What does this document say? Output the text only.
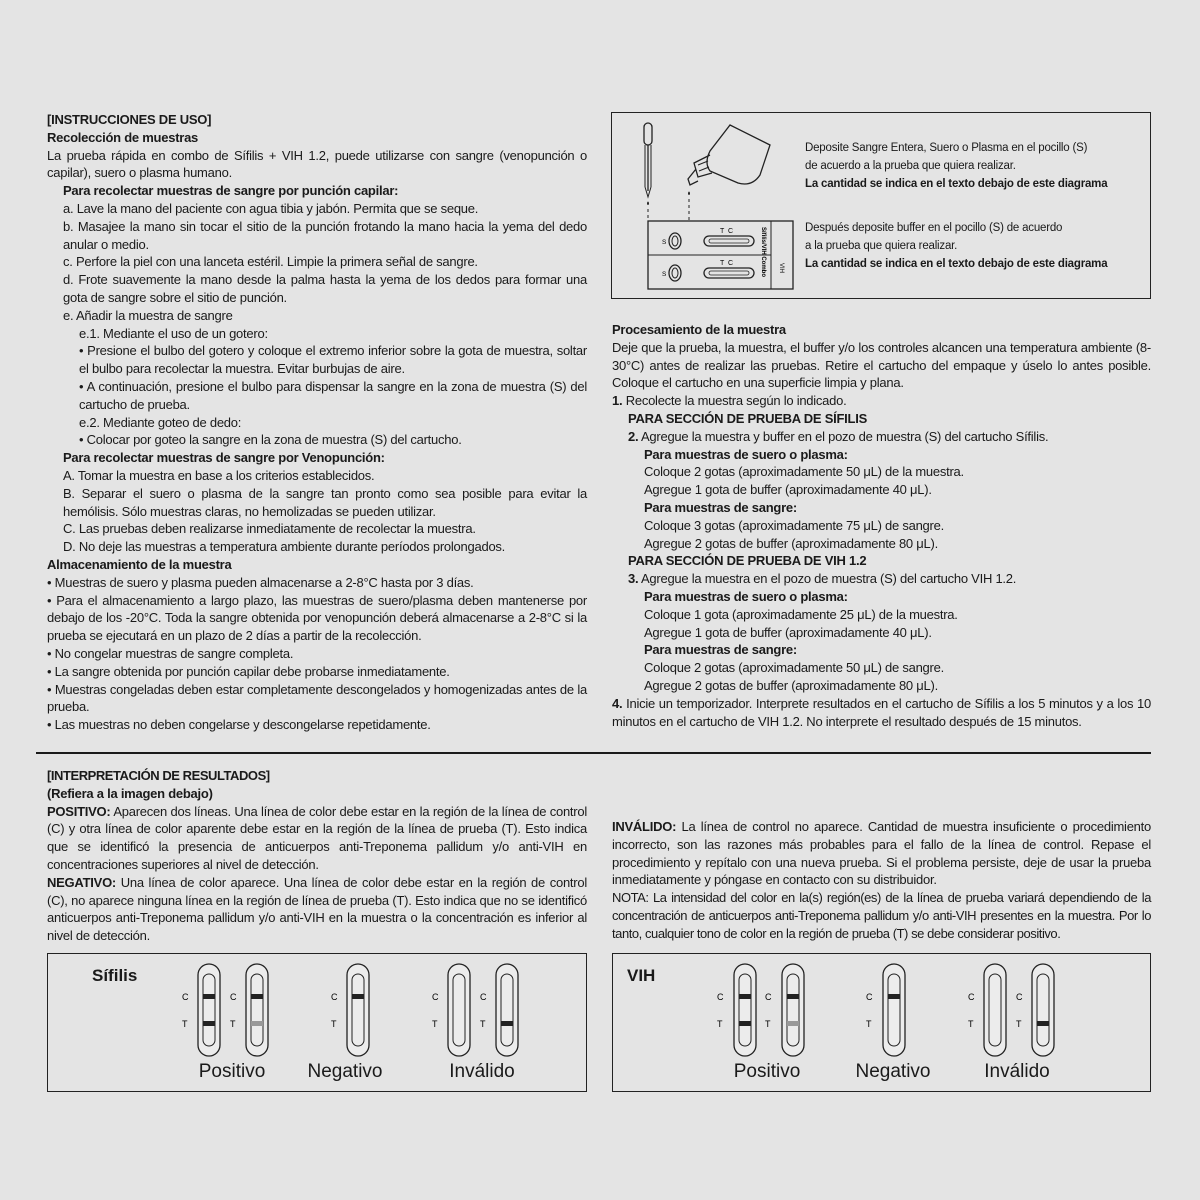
[INSTRUCCIONES DE USO]

Recolección de muestras

La prueba rápida en combo de Sífilis + VIH 1.2, puede utilizarse con sangre (venopunción o capilar), suero o plasma humano.

Para recolectar muestras de sangre por punción capilar:

a. Lave la mano del paciente con agua tibia y jabón. Permita que se seque.

b. Masajee la mano sin tocar el sitio de la punción frotando la mano hacia la yema del dedo anular o medio.

c. Perfore la piel con una lanceta estéril. Limpie la primera señal de sangre.

d. Frote suavemente la mano desde la palma hasta la yema de los dedos para formar una gota de sangre sobre el sitio de punción.

e. Añadir la muestra de sangre

e.1. Mediante el uso de un gotero:

• Presione el bulbo del gotero y coloque el extremo inferior sobre la gota de muestra, soltar el bulbo para recolectar la muestra. Evitar burbujas de aire.

• A continuación, presione el bulbo para dispensar la sangre en la zona de muestra (S) del cartucho de prueba.

e.2. Mediante goteo de dedo:

• Colocar por goteo la sangre en la zona de muestra (S) del cartucho.

Para recolectar muestras de sangre por Venopunción:

A. Tomar la muestra en base a los criterios establecidos.

B. Separar el suero o plasma de la sangre tan pronto como sea posible para evitar la hemólisis. Sólo muestras claras, no hemolizadas se pueden utilizar.

C. Las pruebas deben realizarse inmediatamente de recolectar la muestra.

D. No deje las muestras a temperatura ambiente durante períodos prolongados.

Almacenamiento de la muestra

• Muestras de suero y plasma pueden almacenarse a 2-8°C hasta por 3 días.

• Para el almacenamiento a largo plazo, las muestras de suero/plasma deben mantenerse por debajo de los -20°C. Toda la sangre obtenida por venopunción deberá almacenarse a 2-8°C si la prueba se ejecutará en un plazo de 2 días a partir de la recolección.

• No congelar muestras de sangre completa.

• La sangre obtenida por punción capilar debe probarse inmediatamente.

• Muestras congeladas deben estar completamente descongelados y homogenizadas antes de la prueba.

• Las muestras no deben congelarse y descongelarse repetidamente.

C
T
C
T
S
S	Sífilis/VIH Combo VIH
Deposite Sangre Entera, Suero o Plasma en el pocillo (S)
de acuerdo a la prueba que quiera realizar.
La cantidad se indica en el texto debajo de este diagrama
Después deposite buffer en el pocillo (S) de acuerdo
a la prueba que quiera realizar.
La cantidad se indica en el texto debajo de este diagrama

Procesamiento de la muestra

Deje que la prueba, la muestra, el buffer y/o los controles alcancen una temperatura ambiente (8-30°C) antes de realizar las pruebas. Retire el cartucho del empaque y úselo lo antes posible. Coloque el cartucho en una superficie limpia y plana.

1. Recolecte la muestra según lo indicado.

PARA SECCIÓN DE PRUEBA DE SÍFILIS

2. Agregue la muestra y buffer en el pozo de muestra (S) del cartucho Sífilis.

Para muestras de suero o plasma:

Coloque 2 gotas (aproximadamente 50 μL) de la muestra.

Agregue 1 gota de buffer (aproximadamente 40 μL).

Para muestras de sangre:

Coloque 3 gotas (aproximadamente 75 μL) de sangre.

Agregue 2 gotas de buffer (aproximadamente 80 μL).

PARA SECCIÓN DE PRUEBA DE VIH 1.2

3. Agregue la muestra en el pozo de muestra (S) del cartucho VIH 1.2.

Para muestras de suero o plasma:

Coloque 1 gota (aproximadamente 25 μL) de la muestra.

Agregue 1 gota de buffer (aproximadamente 40 μL).

Para muestras de sangre:

Coloque 2 gotas (aproximadamente 50 μL) de sangre.

Agregue 2 gotas de buffer (aproximadamente 80 μL).

4. Inicie un temporizador. Interprete resultados en el cartucho de Sífilis a los 5 minutos y a los 10 minutos en el cartucho de VIH 1.2. No interprete el resultado después de 15 minutos.

[INTERPRETACIÓN DE RESULTADOS]

(Refiera a la imagen debajo)

POSITIVO: Aparecen dos líneas. Una línea de color debe estar en la región de la línea de control (C) y otra línea de color aparente debe estar en la región de la línea de prueba (T). Esto indica que se identificó la presencia de anticuerpos anti-Treponema pallidum y/o anti-VIH en concentraciones superiores al nivel de detección.

NEGATIVO: Una línea de color aparece. Una línea de color debe estar en la región de control (C), no aparece ninguna línea en la región de línea de prueba (T). Esto indica que no se identificó anticuerpos anti-Treponema pallidum y/o anti-VIH en la muestra o la concentración es inferior al nivel de detección.

INVÁLIDO: La línea de control no aparece. Cantidad de muestra insuficiente o procedimiento incorrecto, son las razones más probables para el fallo de la línea de control. Repase el procedimiento y repítalo con una nueva prueba. Si el problema persiste, deje de usar la prueba inmediatamente y póngase en contacto con su distribuidor.

NOTA: La intensidad del color en la(s) región(es) de la línea de prueba variará dependiendo de la concentración de anticuerpos anti-Treponema pallidum y/o anti-VIH presentes en la muestra. Por lo tanto, cualquier tono de color en la región de prueba (T) se debe considerar positivo.

Sífilis
Positivo	Negativo	Inválido
C
T
C
T
C
T
C
T
C
T
VIH
Positivo	Negativo	Inválido
C
T
C
T
C
T
C
T
C
T
